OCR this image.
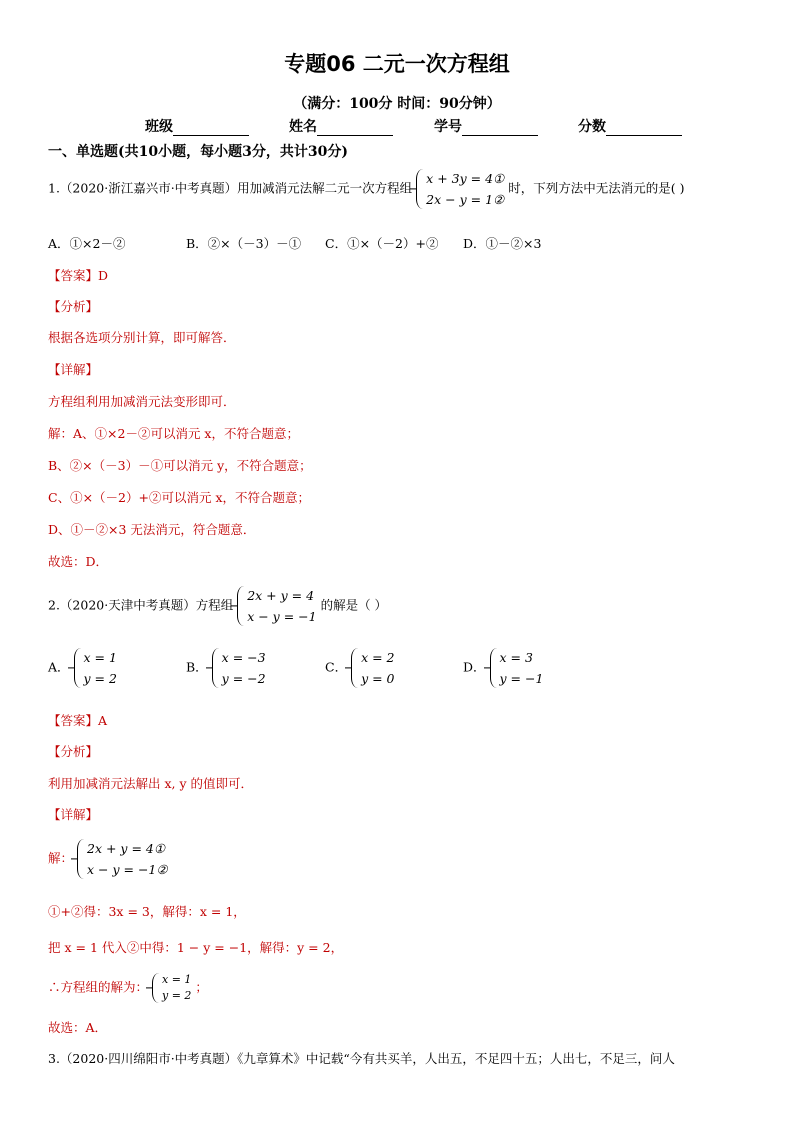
专题06 二元一次方程组
（满分：100分 时间：90分钟）
班级	姓名	学号	分数
一、单选题(共10小题，每小题3分，共计30分)
1.（2020·浙江嘉兴市·中考真题）用加减消元法解二元一次方程组
x + 3y = 4①
2x − y = 1②
时，下列方法中无法消元的是( )
A．①×2－②	B．②×（－3）－① C．①×（－2）+② D．①－②×3
【答案】D
【分析】
根据各选项分别计算，即可解答．
【详解】
方程组利用加减消元法变形即可．
解：A、①×2－②可以消元 x，不符合题意；
B、②×（－3）－①可以消元 y，不符合题意；
C、①×（－2）+②可以消元 x，不符合题意；
D、①－②×3 无法消元，符合题意．
故选：D．
2.（2020·天津中考真题）方程组
2x + y = 4
x − y = −1
的解是（ ）
A．
x = 1
y = 2
B．
x = −3
y = −2
C．
x = 2
y = 0
D．
x = 3
y = −1
【答案】A
【分析】
利用加减消元法解出 x, y 的值即可．
【详解】
解：
2x + y = 4①
x − y = −1②
①+②得：3x = 3，解得：x = 1，
把 x = 1 代入②中得：1 − y = −1，解得：y = 2，
∴方程组的解为： x = 1
y = 2
；
故选：A．
3.（2020·四川绵阳市·中考真题）《九章算术》中记载“今有共买羊，人出五，不足四十五；人出七，不足三，问人
